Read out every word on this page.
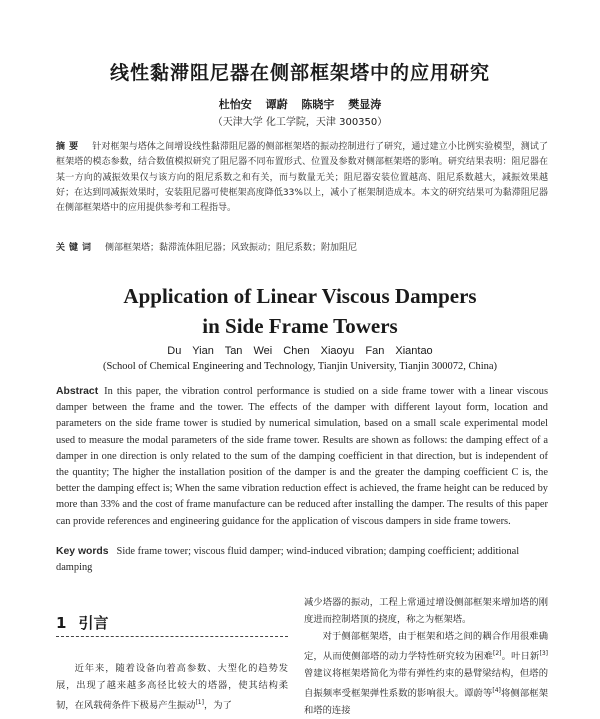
线性黏滞阻尼器在侧部框架塔中的应用研究
杜怡安 谭蔚 陈晓宇 樊显涛
（天津大学 化工学院，天津 300350）
摘要 针对框架与塔体之间增设线性黏滞阻尼器的侧部框架塔的振动控制进行了研究，通过建立小比例实验模型，测试了框架塔的模态参数，结合数值模拟研究了阻尼器不同布置形式、位置及参数对侧部框架塔的影响。研究结果表明：阻尼器在某一方向的减振效果仅与该方向的阻尼系数之和有关，而与数量无关；阻尼器安装位置越高、阻尼系数越大，减振效果越好；在达到同减振效果时，安装阻尼器可使框架高度降低33%以上，减小了框架制造成本。本文的研究结果可为黏滞阻尼器在侧部框架塔中的应用提供参考和工程指导。
关键词 侧部框架塔；黏滞流体阻尼器；风致振动；阻尼系数；附加阻尼
Application of Linear Viscous Dampers
in Side Frame Towers
Du Yian Tan Wei Chen Xiaoyu Fan Xiantao
(School of Chemical Engineering and Technology, Tianjin University, Tianjin 300072, China)
Abstract In this paper, the vibration control performance is studied on a side frame tower with a linear viscous damper between the frame and the tower. The effects of the damper with different layout form, location and parameters on the side frame tower is studied by numerical simulation, based on a small scale experimental model used to measure the modal parameters of the side frame tower. Results are shown as follows: the damping effect of a damper in one direction is only related to the sum of the damping coefficient in that direction, but is independent of the quantity; The higher the installation position of the damper is and the greater the damping coefficient C is, the better the damping effect is; When the same vibration reduction effect is achieved, the frame height can be reduced by more than 33% and the cost of frame manufacture can be reduced after installing the damper. The results of this paper can provide references and engineering guidance for the application of viscous dampers in side frame towers.
Key words Side frame tower; viscous fluid damper; wind-induced vibration; damping coefficient; additional damping
1 引言
近年来，随着设备向着高参数、大型化的趋势发展，出现了越来越多高径比较大的塔器，使其结构柔韧，在风载荷条件下极易产生振动[1]，为了

减少塔器的振动，工程上常通过增设侧部框架来增加塔的刚度进而控制塔顶的挠度，称之为框架塔。

对于侧部框架塔，由于框架和塔之间的耦合作用很难确定，从而使侧部塔的动力学特性研究较为困难[2]。叶日新[3]曾建议将框架塔简化为带有弹性约束的悬臂梁结构，但塔的自振频率受框架弹性系数的影响很大。谭蔚等[4]将侧部框架和塔的连接
